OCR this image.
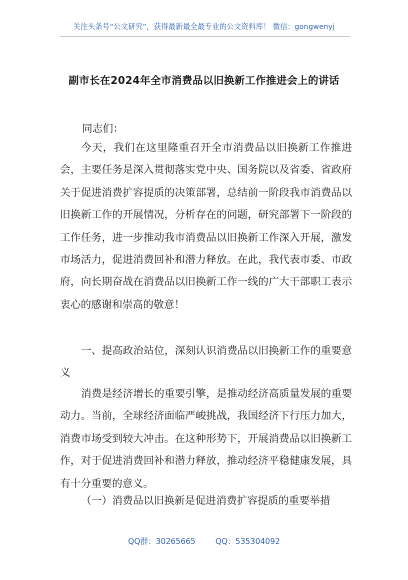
关注头条号“公文研究”，获得最新最全最专业的公文资料库！ 微信：gongwenyj
副市长在2024年全市消费品以旧换新工作推进会上的讲话
同志们：
今天，我们在这里隆重召开全市消费品以旧换新工作推进会，主要任务是深入贯彻落实党中央、国务院以及省委、省政府关于促进消费扩容提质的决策部署，总结前一阶段我市消费品以旧换新工作的开展情况，分析存在的问题，研究部署下一阶段的工作任务，进一步推动我市消费品以旧换新工作深入开展，激发市场活力，促进消费回补和潜力释放。在此，我代表市委、市政府，向长期奋战在消费品以旧换新工作一线的广大干部职工表示衷心的感谢和崇高的敬意！
一、提高政治站位，深刻认识消费品以旧换新工作的重要意义
消费是经济增长的重要引擎，是推动经济高质量发展的重要动力。当前，全球经济面临严峻挑战，我国经济下行压力加大，消费市场受到较大冲击。在这种形势下，开展消费品以旧换新工作，对于促进消费回补和潜力释放，推动经济平稳健康发展，具有十分重要的意义。
（一）消费品以旧换新是促进消费扩容提质的重要举措
QQ群：30265665        QQ：535304092
